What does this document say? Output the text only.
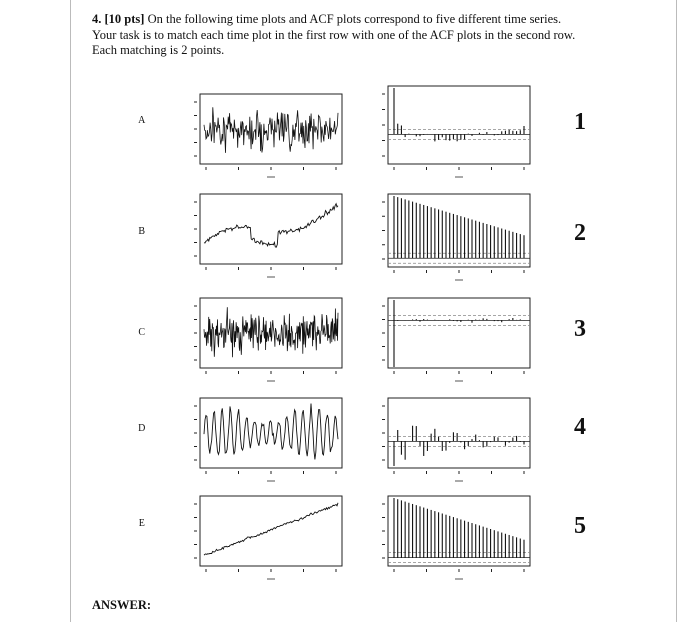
4. [10 pts] On the following time plots and ACF plots correspond to five different time series.
Your task is to match each time plot in the first row with one of the ACF plots in the second row.
Each matching is 2 points.
A
B
C
D
E
1
2
3
4
5
ANSWER:
